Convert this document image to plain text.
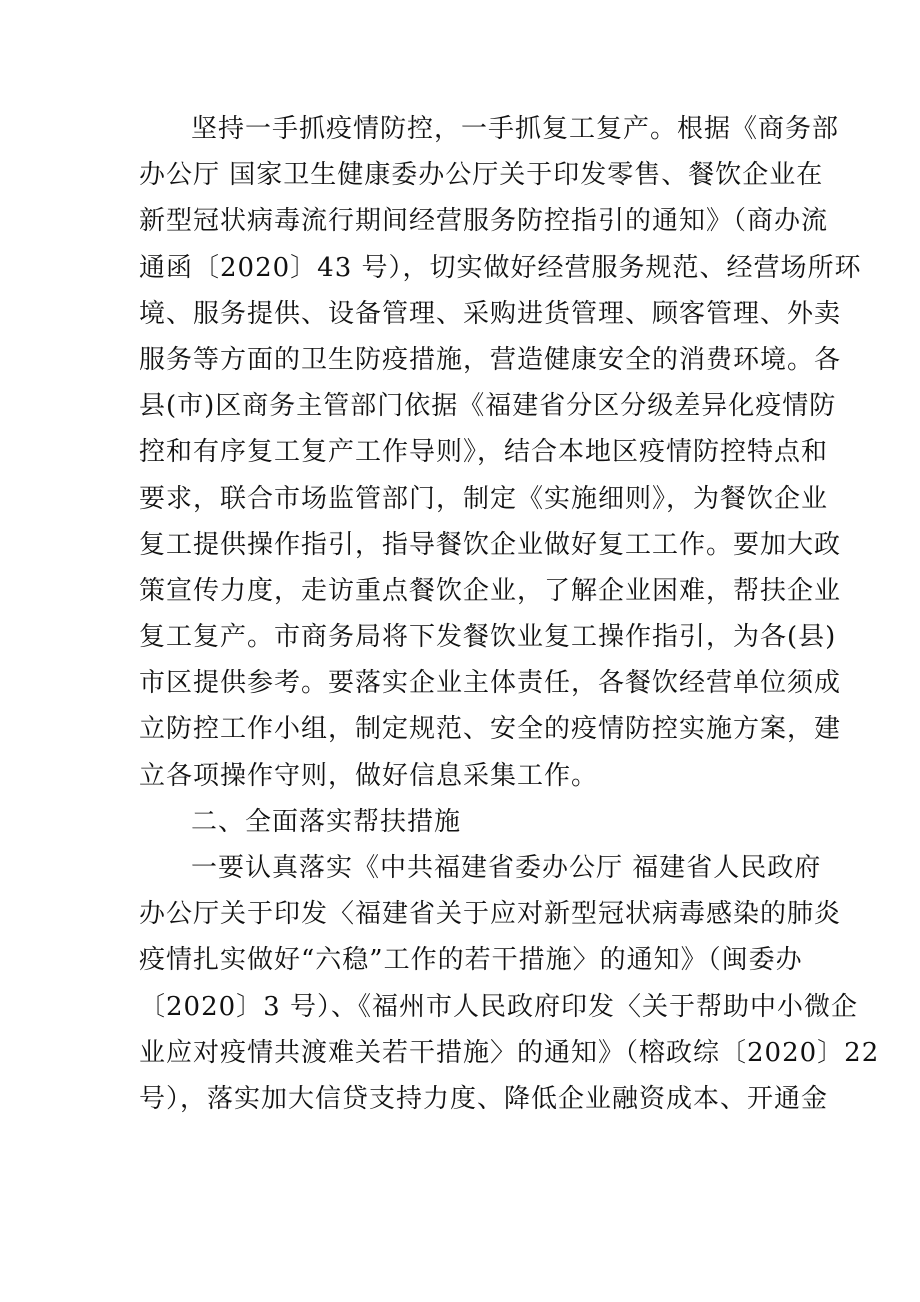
坚持一手抓疫情防控，一手抓复工复产。根据《商务部
办公厅 国家卫生健康委办公厅关于印发零售、餐饮企业在
新型冠状病毒流行期间经营服务防控指引的通知》（商办流
通函〔2020〕43 号），切实做好经营服务规范、经营场所环
境、服务提供、设备管理、采购进货管理、顾客管理、外卖
服务等方面的卫生防疫措施，营造健康安全的消费环境。各
县(市)区商务主管部门依据《福建省分区分级差异化疫情防
控和有序复工复产工作导则》，结合本地区疫情防控特点和
要求，联合市场监管部门，制定《实施细则》，为餐饮企业
复工提供操作指引，指导餐饮企业做好复工工作。要加大政
策宣传力度，走访重点餐饮企业，了解企业困难，帮扶企业
复工复产。市商务局将下发餐饮业复工操作指引，为各(县)
市区提供参考。要落实企业主体责任，各餐饮经营单位须成
立防控工作小组，制定规范、安全的疫情防控实施方案，建
立各项操作守则，做好信息采集工作。
二、全面落实帮扶措施
一要认真落实《中共福建省委办公厅 福建省人民政府
办公厅关于印发〈福建省关于应对新型冠状病毒感染的肺炎
疫情扎实做好“六稳”工作的若干措施〉的通知》（闽委办
〔2020〕3 号）、《福州市人民政府印发〈关于帮助中小微企
业应对疫情共渡难关若干措施〉的通知》（榕政综〔2020〕22
号），落实加大信贷支持力度、降低企业融资成本、开通金
